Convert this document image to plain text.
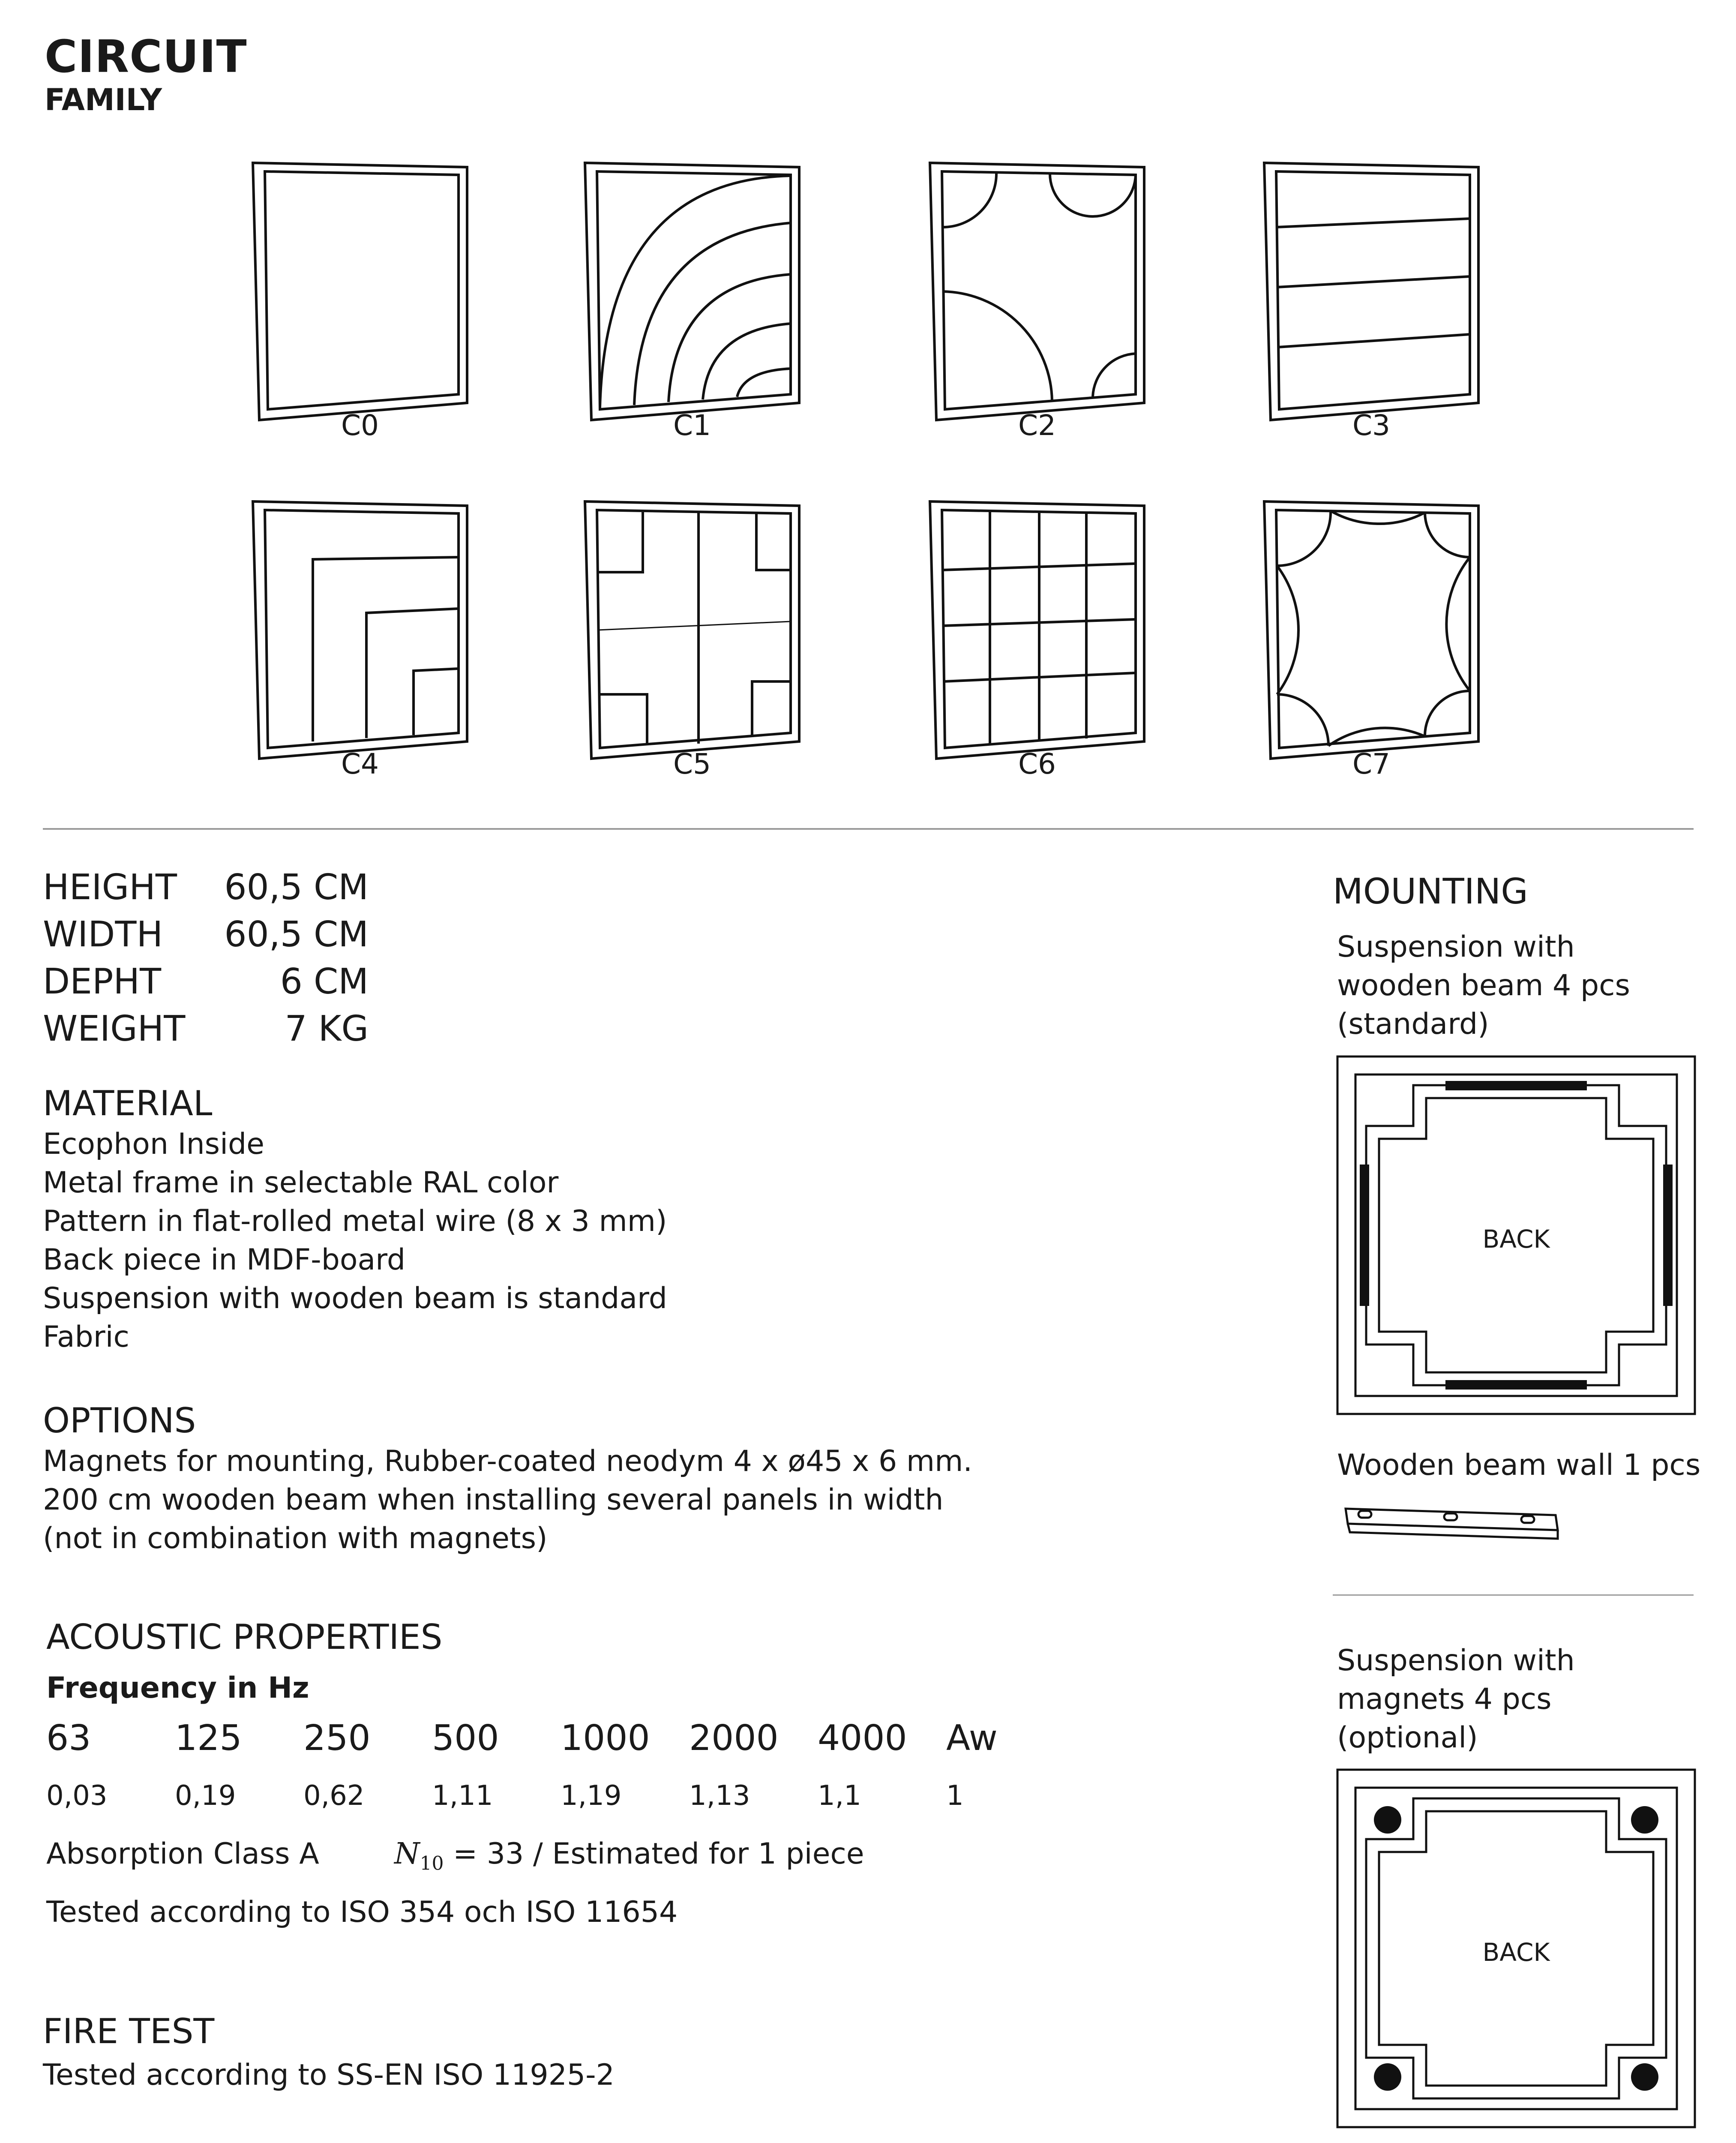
CIRCUIT
FAMILY
C0	C1	C2	C3
C4	C5	C6	C7
HEIGHT 60,5 CM
WIDTH 60,5 CM
DEPHT	6 CM
WEIGHT	7 KG
MATERIAL
Ecophon Inside
Metal frame in selectable RAL color
Pattern in flat-rolled metal wire (8 x 3 mm)
Back piece in MDF-board
Suspension with wooden beam is standard
Fabric
OPTIONS
Magnets for mounting, Rubber-coated neodym 4 x ø45 x 6 mm.
200 cm wooden beam when installing several panels in width
(not in combination with magnets)
ACOUSTIC PROPERTIES
Frequency in Hz
63 125 250 500 1000 2000 4000 Aw
0,03 0,19 0,62 1,11 1,19 1,13 1,1	1
Absorption Class A	$N_{10} = 33$ / Estimated for 1 piece
Tested according to ISO 354 och ISO 11654
FIRE TEST
Tested according to SS-EN ISO 11925-2
MOUNTING
Suspension with
wooden beam 4 pcs
(standard)
BACK
Wooden beam wall 1 pcs
Suspension with
magnets 4 pcs
(optional)
BACK
